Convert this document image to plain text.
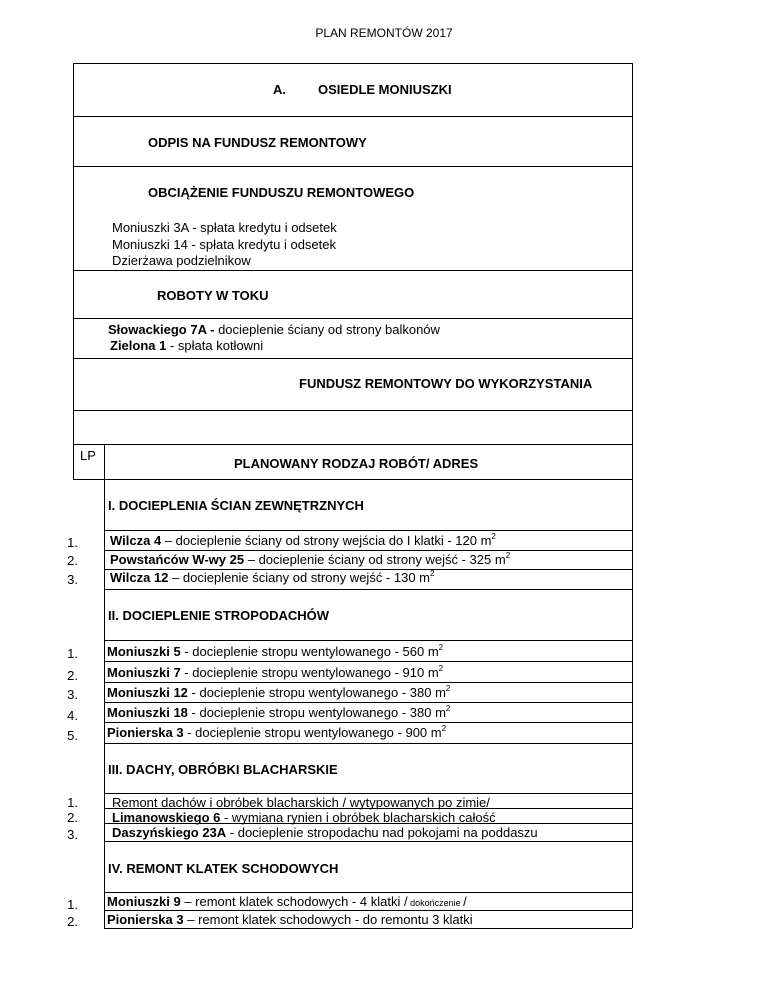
PLAN REMONTÓW 2017
A. OSIEDLE MONIUSZKI
ODPIS NA FUNDUSZ REMONTOWY
OBCIĄŻENIE FUNDUSZU REMONTOWEGO
Moniuszki 3A - spłata kredytu i odsetek
Moniuszki 14 - spłata kredytu i odsetek
Dzierżawa podzielnikow
ROBOTY W TOKU
Słowackiego 7A - docieplenie ściany od strony balkonów
Zielona 1 - spłata kotłowni
FUNDUSZ REMONTOWY DO WYKORZYSTANIA
LP
PLANOWANY RODZAJ ROBÓT/ ADRES
I. DOCIEPLENIA ŚCIAN ZEWNĘTRZNYCH
1. Wilcza 4 – docieplenie ściany od strony wejścia do I klatki - 120 $m^2$
2. Powstańców W-wy 25 – docieplenie ściany od strony wejść - 325 $m^2$
3. Wilcza 12 – docieplenie ściany od strony wejść - 130 $m^2$
II. DOCIEPLENIE STROPODACHÓW
1. Moniuszki 5 - docieplenie stropu wentylowanego - 560 $m^2$
2. Moniuszki 7 - docieplenie stropu wentylowanego - 910 $m^2$
3. Moniuszki 12 - docieplenie stropu wentylowanego - 380 $m^2$
4. Moniuszki 18 - docieplenie stropu wentylowanego - 380 $m^2$
5. Pionierska 3 - docieplenie stropu wentylowanego - 900 $m^2$
III. DACHY, OBRÓBKI BLACHARSKIE
1.	Remont dachów i obróbek blacharskich / wytypowanych po zimie/
2.	Limanowskiego 6 - wymiana rynien i obróbek blacharskich całość
3.	Daszyńskiego 23A - docieplenie stropodachu nad pokojami na poddaszu
IV. REMONT KLATEK SCHODOWYCH
1. Moniuszki 9 – remont klatek schodowych - 4 klatki / dokończenie /
2. Pionierska 3 – remont klatek schodowych - do remontu 3 klatki
